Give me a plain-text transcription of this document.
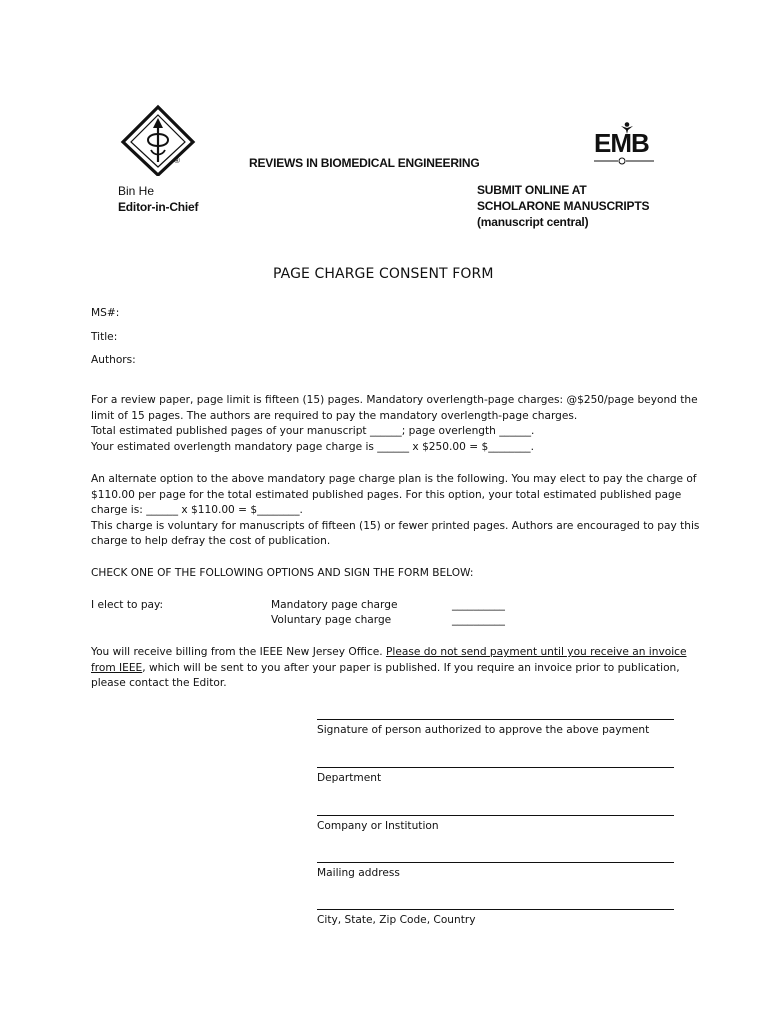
®	REVIEWS IN BIOMEDICAL ENGINEERING
Bin He
Editor-in-Chief
SUBMIT ONLINE AT
SCHOLARONE MANUSCRIPTS
(manuscript central)
EMB
PAGE CHARGE CONSENT FORM
MS#:
Title:
Authors:
For a review paper, page limit is fifteen (15) pages. Mandatory overlength-page charges: @$250/page beyond the
limit of 15 pages. The authors are required to pay the mandatory overlength-page charges.
Total estimated published pages of your manuscript ______; page overlength ______.
Your estimated overlength mandatory page charge is ______ x $250.00 = $________.
An alternate option to the above mandatory page charge plan is the following. You may elect to pay the charge of
$110.00 per page for the total estimated published pages. For this option, your total estimated published page
charge is: ______ x $110.00 = $________.
This charge is voluntary for manuscripts of fifteen (15) or fewer printed pages. Authors are encouraged to pay this
charge to help defray the cost of publication.
CHECK ONE OF THE FOLLOWING OPTIONS AND SIGN THE FORM BELOW:
I elect to pay:	Mandatory page charge	__________
Voluntary page charge	__________
You will receive billing from the IEEE New Jersey Office. Please do not send payment until you receive an invoice
from IEEE, which will be sent to you after your paper is published. If you require an invoice prior to publication,
please contact the Editor.
Signature of person authorized to approve the above payment
Department
Company or Institution
Mailing address
City, State, Zip Code, Country
